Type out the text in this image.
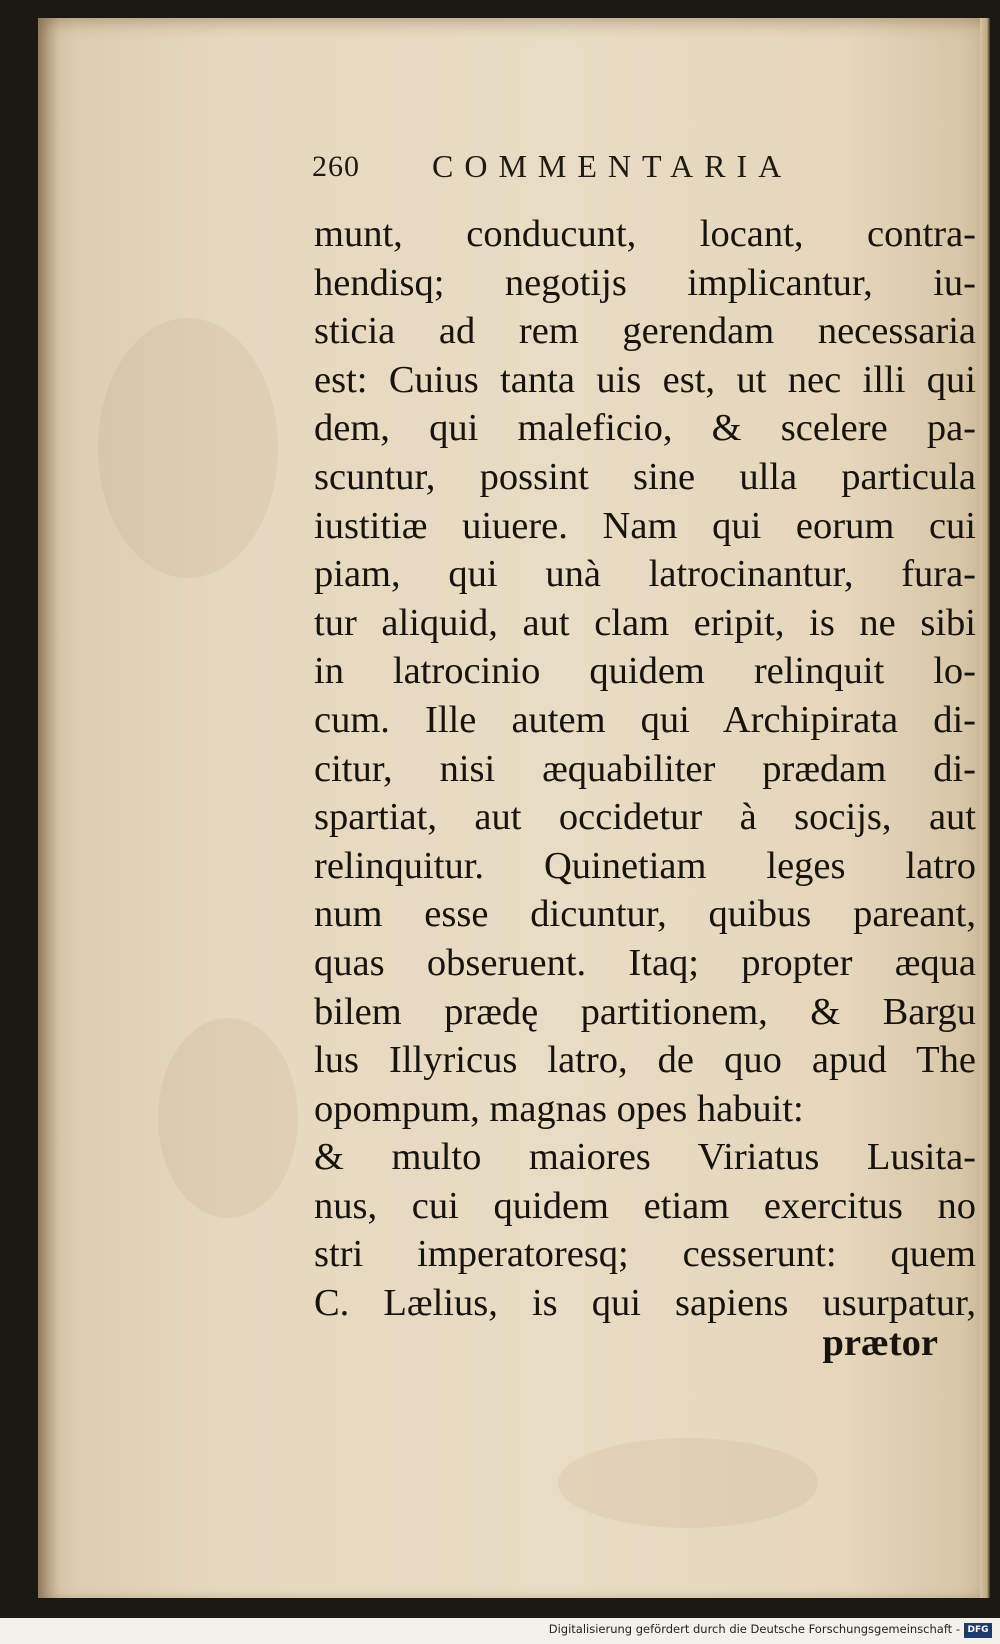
260 COMMENTARIA
munt, conducunt, locant, contra-
hendisq; negotijs implicantur, iu-
sticia ad rem gerendam necessaria
est: Cuius tanta uis est, ut nec illi qui
dem, qui maleficio, & scelere pa-
scuntur, possint sine ulla particula
iustitiæ uiuere. Nam qui eorum cui
piam, qui unà latrocinantur, fura-
tur aliquid, aut clam eripit, is ne sibi
in latrocinio quidem relinquit lo-
cum. Ille autem qui Archipirata di-
citur, nisi æquabiliter prædam di-
spartiat, aut occidetur à socijs, aut
relinquitur. Quinetiam leges latro
num esse dicuntur, quibus pareant,
quas obseruent. Itaq; propter æqua
bilem prædę partitionem, & Bargu
lus Illyricus latro, de quo apud The
opompum, magnas opes habuit:
& multo maiores Viriatus Lusita-
nus, cui quidem etiam exercitus no
stri imperatoresq; cesserunt: quem
C. Lælius, is qui sapiens usurpatur,
prætor
Digitalisierung gefördert durch die Deutsche Forschungsgemeinschaft - DFG
